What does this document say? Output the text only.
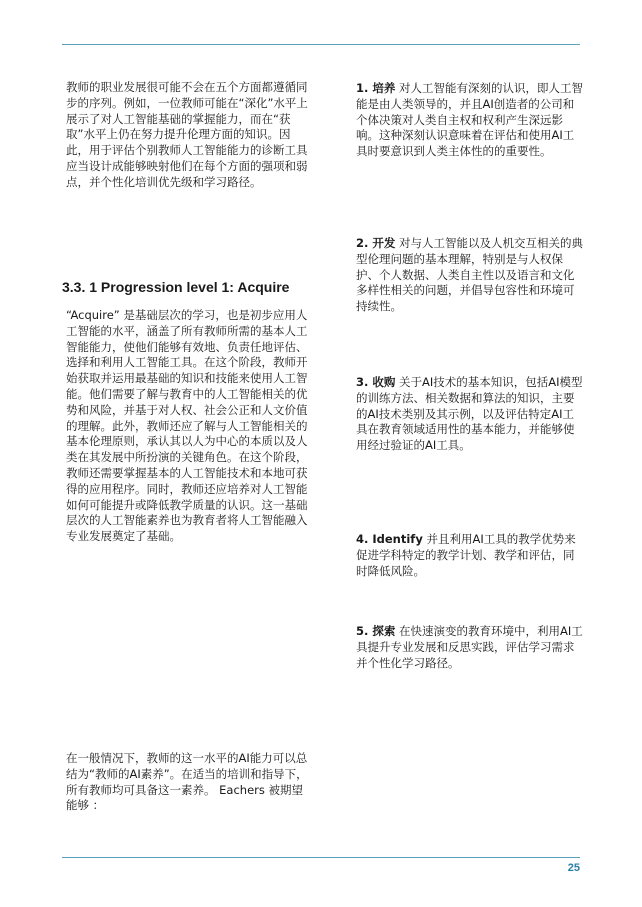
教师的职业发展很可能不会在五个方面都遵循同步的序列。例如，一位教师可能在“深化”水平上展示了对人工智能基础的掌握能力，而在“获取”水平上仍在努力提升伦理方面的知识。因此，用于评估个别教师人工智能能力的诊断工具应当设计成能够映射他们在每个方面的强项和弱点，并个性化培训优先级和学习路径。

3.3. 1 Progression level 1: Acquire

“Acquire” 是基础层次的学习，也是初步应用人工智能的水平，涵盖了所有教师所需的基本人工智能能力，使他们能够有效地、负责任地评估、选择和利用人工智能工具。在这个阶段，教师开始获取并运用最基础的知识和技能来使用人工智能。他们需要了解与教育中的人工智能相关的优势和风险，并基于对人权、社会公正和人文价值的理解。此外，教师还应了解与人工智能相关的基本伦理原则，承认其以人为中心的本质以及人类在其发展中所扮演的关键角色。在这个阶段，教师还需要掌握基本的人工智能技术和本地可获得的应用程序。同时，教师还应培养对人工智能如何可能提升或降低教学质量的认识。这一基础层次的人工智能素养也为教育者将人工智能融入专业发展奠定了基础。

在一般情况下，教师的这一水平的AI能力可以总结为“教师的AI素养”。在适当的培训和指导下，所有教师均可具备这一素养。 Eachers 被期望能够 ：

1. 培养 对人工智能有深刻的认识，即人工智能是由人类领导的，并且AI创造者的公司和个体决策对人类自主权和权利产生深远影响。这种深刻认识意味着在评估和使用AI工具时要意识到人类主体性的的重要性。

2. 开发 对与人工智能以及人机交互相关的典型伦理问题的基本理解，特别是与人权保护、个人数据、人类自主性以及语言和文化多样性相关的问题，并倡导包容性和环境可持续性。

3. 收购 关于AI技术的基本知识，包括AI模型的训练方法、相关数据和算法的知识，主要的AI技术类别及其示例，以及评估特定AI工具在教育领域适用性的基本能力，并能够使用经过验证的AI工具。

4. Identify 并且利用AI工具的教学优势来促进学科特定的教学计划、教学和评估，同时降低风险。

5. 探索 在快速演变的教育环境中，利用AI工具提升专业发展和反思实践，评估学习需求并个性化学习路径。

25
